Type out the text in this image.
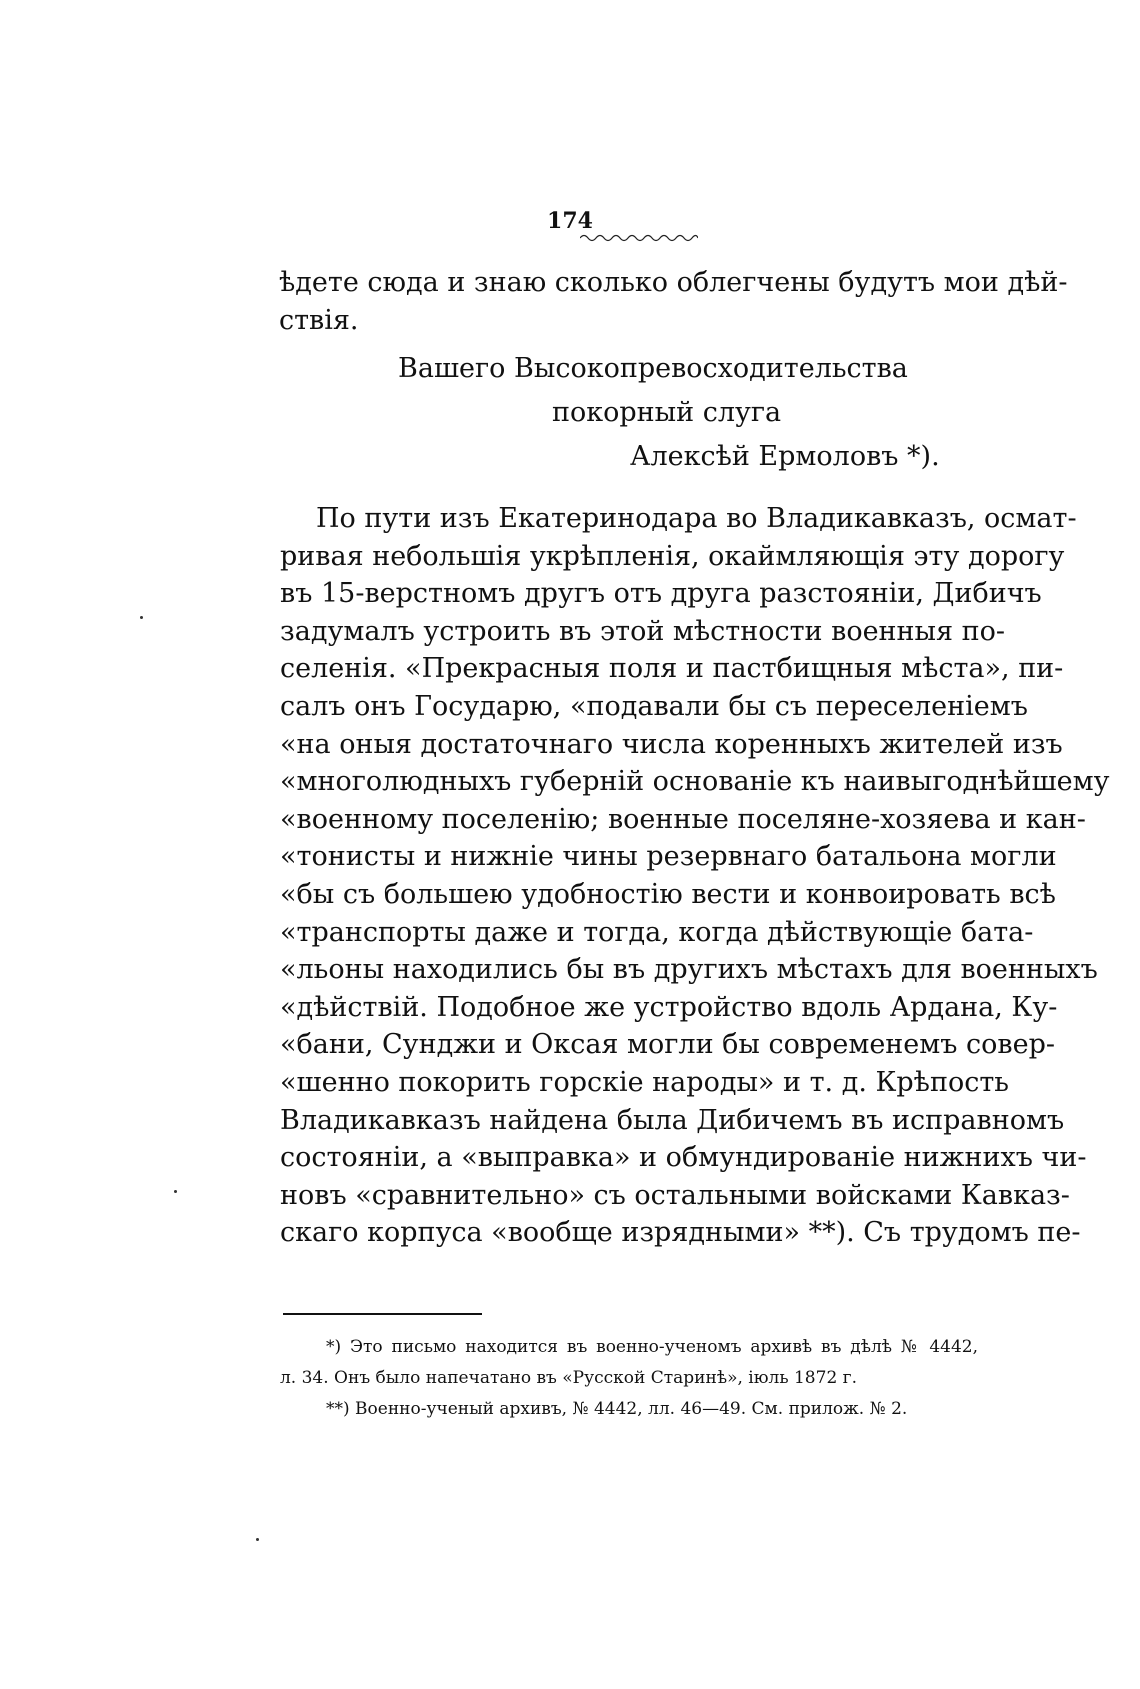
174
ѣдете сюда и знаю сколько облегчены будутъ мои дѣй-
ствія.
Вашего Высокопревосходительства
покорный слуга
Алексѣй Ермоловъ *).
По пути изъ Екатеринодара во Владикавказъ, осмат-
ривая небольшія укрѣпленія, окаймляющія эту дорогу
въ 15-верстномъ другъ отъ друга разстояніи, Дибичъ
задумалъ устроить въ этой мѣстности военныя по-
селенія. «Прекрасныя поля и пастбищныя мѣста», пи-
салъ онъ Государю, «подавали бы съ переселеніемъ
«на оныя достаточнаго числа коренныхъ жителей изъ
«многолюдныхъ губерній основаніе къ наивыгоднѣйшему
«военному поселенію; военные поселяне-хозяева и кан-
«тонисты и нижніе чины резервнаго батальона могли
«бы съ большею удобностію вести и конвоировать всѣ
«транспорты даже и тогда, когда дѣйствующіе бата-
«льоны находились бы въ другихъ мѣстахъ для военныхъ
«дѣйствій. Подобное же устройство вдоль Ардана, Ку-
«бани, Сунджи и Оксая могли бы современемъ совер-
«шенно покорить горскіе народы» и т. д. Крѣпость
Владикавказъ найдена была Дибичемъ въ исправномъ
состояніи, а «выправка» и обмундированіе нижнихъ чи-
новъ «сравнительно» съ остальными войсками Кавказ-
скаго корпуса «вообще изрядными» **). Съ трудомъ пе-
*) Это письмо находится въ военно-ученомъ архивѣ въ дѣлѣ № 4442,
л. 34. Онъ было напечатано въ «Русской Старинѣ», іюль 1872 г.
**) Военно-ученый архивъ, № 4442, лл. 46—49. См. прилож. № 2.
